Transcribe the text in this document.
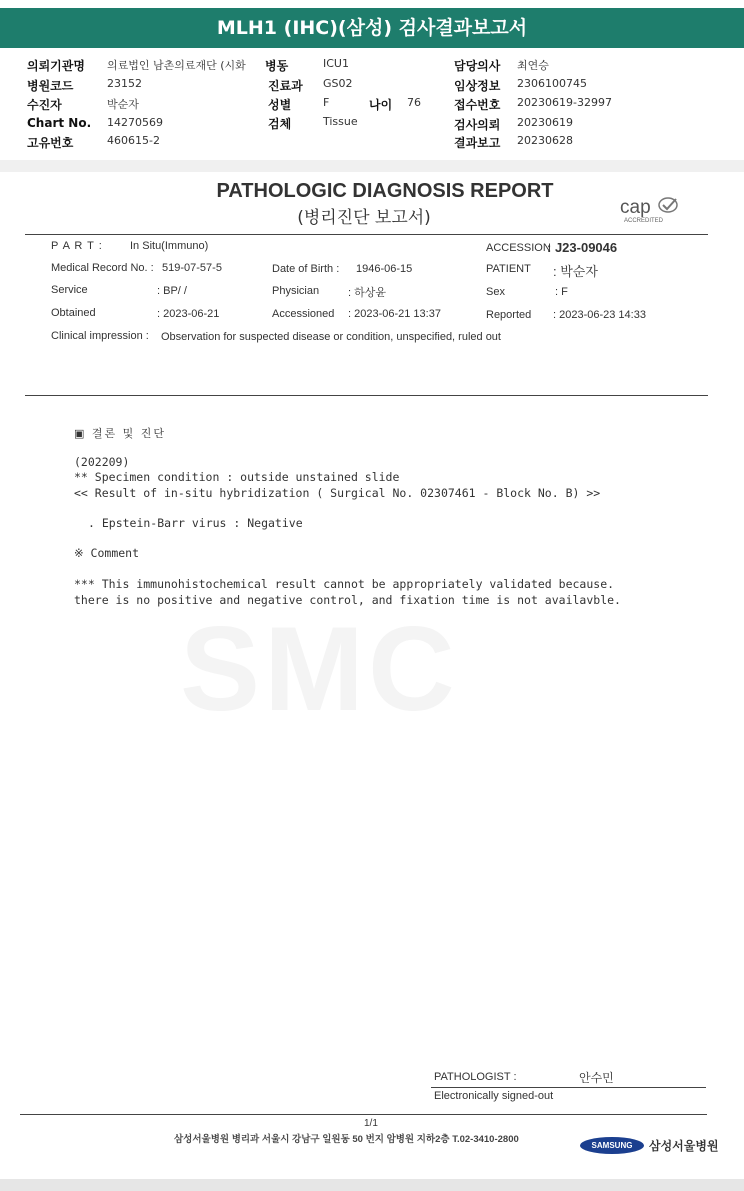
MLH1 (IHC)(삼성) 검사결과보고서
의뢰기관명 의료법인 남촌의료재단 (시화 병동	ICU1	담당의사 최연승
병원코드	23152	진료과 GS02	임상정보 2306100745
수진자	박순자	성별	F	나이 76	접수번호 20230619-32997
Chart No. 14270569	검체	Tissue	검사의뢰 20230619
고유번호	460615-2	결과보고 20230628
SMC
PATHOLOGIC DIAGNOSIS REPORT
(병리진단 보고서)	cap
ACCREDITED
P A R T : In Situ(Immuno)	ACCESSION
: J23-09046
Medical Record No. : 519-07-57-5	Date of Birth : 1946-06-15	PATIENT : 박순자
Service	: BP/ /	Physician	: 하상윤	Sex	: F
Obtained	: 2023-06-21	Accessioned : 2023-06-21 13:37	Reported : 2023-06-23 14:33
Clinical impression : Observation for suspected disease or condition, unspecified, ruled out
▣ 결론 및 진단
(202209)
** Specimen condition : outside unstained slide
<< Result of in-situ hybridization ( Surgical No. 02307461 - Block No. B) >>
. Epstein-Barr virus : Negative
※ Comment
*** This immunohistochemical result cannot be appropriately validated because.
there is no positive and negative control, and fixation time is not availavble.
PATHOLOGIST :	안수민
Electronically signed-out
1/1
삼성서울병원 병리과 서울시 강남구 일원동 50 번지 암병원 지하2층 T.02-3410-2800
SAMSUNG	삼성서울병원
